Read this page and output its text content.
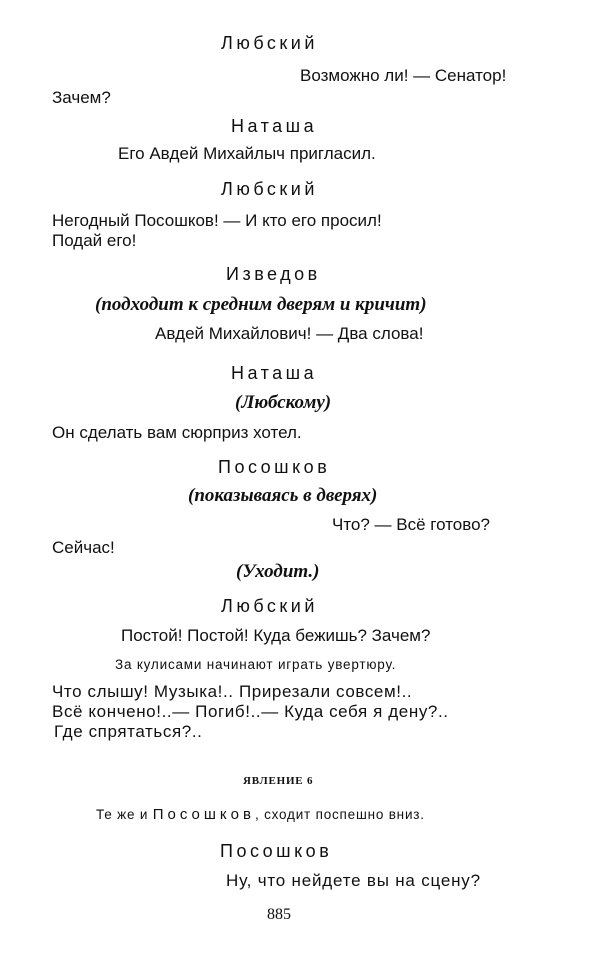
Любский
Возможно ли! — Сенатор!
Зачем?
Наташа
Его Авдей Михайлыч пригласил.
Любский
Негодный Посошков! — И кто его просил!
Подай его!
Изведов
(подходит к средним дверям и кричит)
Авдей Михайлович! — Два слова!
Наташа
(Любскому)
Он сделать вам сюрприз хотел.
Посошков
(показываясь в дверях)
Что? — Всё готово?
Сейчас!
(Уходит.)
Любский
Постой! Постой! Куда бежишь? Зачем?
За кулисами начинают играть увертюру.
Что слышу! Музыка!.. Прирезали совсем!..
Всё кончено!..— Погиб!..— Куда себя я дену?..
Где спрятаться?..
ЯВЛЕНИЕ 6
Те же и Посошков, сходит поспешно вниз.
Посошков
Ну, что нейдете вы на сцену?
885
